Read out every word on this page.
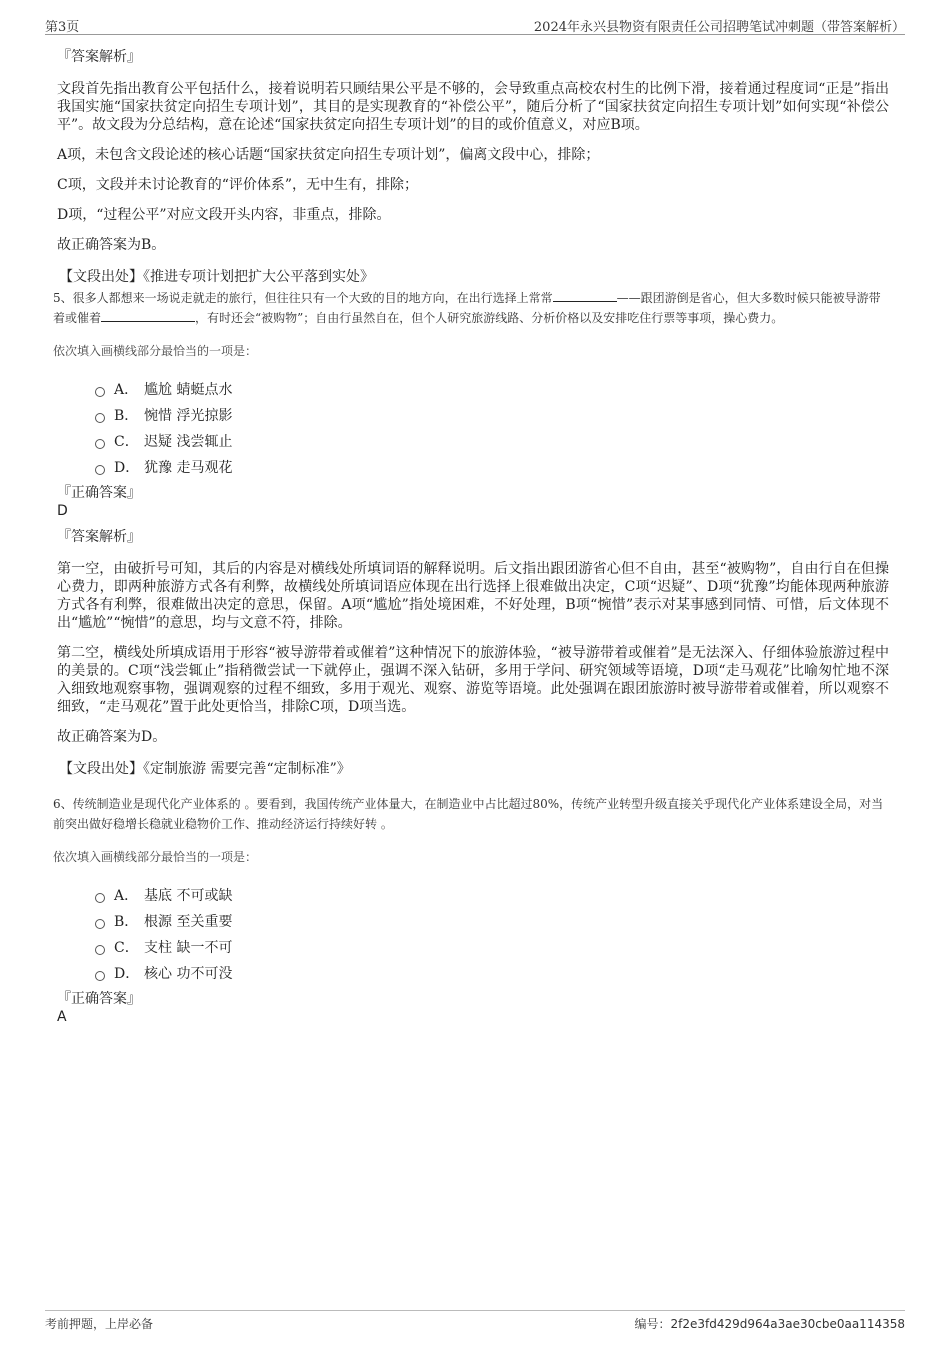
第3页	2024年永兴县物资有限责任公司招聘笔试冲刺题（带答案解析）

『答案解析』

文段首先指出教育公平包括什么，接着说明若只顾结果公平是不够的，会导致重点高校农村生的比例下滑，接着通过程度词“正是”指出我国实施“国家扶贫定向招生专项计划”，其目的是实现教育的“补偿公平”，随后分析了“国家扶贫定向招生专项计划”如何实现“补偿公平”。故文段为分总结构，意在论述“国家扶贫定向招生专项计划”的目的或价值意义，对应B项。

A项，未包含文段论述的核心话题“国家扶贫定向招生专项计划”，偏离文段中心，排除；

C项，文段并未讨论教育的“评价体系”，无中生有，排除；

D项，“过程公平”对应文段开头内容，非重点，排除。

故正确答案为B。

【文段出处】《推进专项计划把扩大公平落到实处》

5、很多人都想来一场说走就走的旅行，但往往只有一个大致的目的地方向，在出行选择上常常	——跟团游倒是省心，但大多数时候只能被导游带着或催着	，有时还会“被购物”；自由行虽然自在，但个人研究旅游线路、分析价格以及安排吃住行票等事项，操心费力。

依次填入画横线部分最恰当的一项是：

A． 尴尬 蜻蜓点水
B． 惋惜 浮光掠影
C． 迟疑 浅尝辄止
D． 犹豫 走马观花

『正确答案』

D

『答案解析』

第一空，由破折号可知，其后的内容是对横线处所填词语的解释说明。后文指出跟团游省心但不自由，甚至“被购物”，自由行自在但操心费力，即两种旅游方式各有利弊，故横线处所填词语应体现在出行选择上很难做出决定，C项“迟疑”、D项“犹豫”均能体现两种旅游方式各有利弊，很难做出决定的意思，保留。A项“尴尬”指处境困难，不好处理，B项“惋惜”表示对某事感到同情、可惜，后文体现不出“尴尬”“惋惜”的意思，均与文意不符，排除。

第二空，横线处所填成语用于形容“被导游带着或催着”这种情况下的旅游体验，“被导游带着或催着”是无法深入、仔细体验旅游过程中的美景的。C项“浅尝辄止”指稍微尝试一下就停止，强调不深入钻研，多用于学问、研究领域等语境，D项“走马观花”比喻匆忙地不深入细致地观察事物，强调观察的过程不细致，多用于观光、观察、游览等语境。此处强调在跟团旅游时被导游带着或催着，所以观察不细致，“走马观花”置于此处更恰当，排除C项，D项当选。

故正确答案为D。

【文段出处】《定制旅游 需要完善“定制标准”》

6、传统制造业是现代化产业体系的 。要看到，我国传统产业体量大，在制造业中占比超过80%，传统产业转型升级直接关乎现代化产业体系建设全局，对当前突出做好稳增长稳就业稳物价工作、推动经济运行持续好转 。

依次填入画横线部分最恰当的一项是：

A． 基底 不可或缺
B． 根源 至关重要
C． 支柱 缺一不可
D． 核心 功不可没

『正确答案』

A

考前押题，上岸必备	编号：2f2e3fd429d964a3ae30cbe0aa114358
